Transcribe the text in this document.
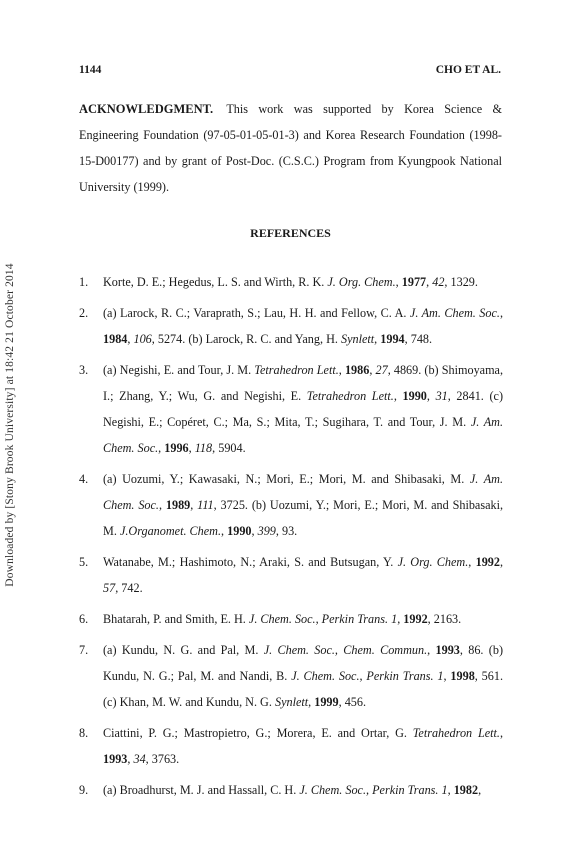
Downloaded by [Stony Brook University] at 18:42 21 October 2014
1144	CHO ET AL.
ACKNOWLEDGMENT. This work was supported by Korea Science & Engineering Foundation (97-05-01-05-01-3) and Korea Research Foundation (1998-15-D00177) and by grant of Post-Doc. (C.S.C.) Program from Kyungpook National University (1999).
REFERENCES
1. Korte, D. E.; Hegedus, L. S. and Wirth, R. K. J. Org. Chem., 1977, 42, 1329.
2. (a) Larock, R. C.; Varaprath, S.; Lau, H. H. and Fellow, C. A. J. Am. Chem. Soc., 1984, 106, 5274. (b) Larock, R. C. and Yang, H. Synlett, 1994, 748.
3. (a) Negishi, E. and Tour, J. M. Tetrahedron Lett., 1986, 27, 4869. (b) Shimoyama, I.; Zhang, Y.; Wu, G. and Negishi, E. Tetrahedron Lett., 1990, 31, 2841. (c) Negishi, E.; Copéret, C.; Ma, S.; Mita, T.; Sugihara, T. and Tour, J. M. J. Am. Chem. Soc., 1996, 118, 5904.
4. (a) Uozumi, Y.; Kawasaki, N.; Mori, E.; Mori, M. and Shibasaki, M. J. Am. Chem. Soc., 1989, 111, 3725. (b) Uozumi, Y.; Mori, E.; Mori, M. and Shibasaki, M. J.Organomet. Chem., 1990, 399, 93.
5. Watanabe, M.; Hashimoto, N.; Araki, S. and Butsugan, Y. J. Org. Chem., 1992, 57, 742.
6. Bhatarah, P. and Smith, E. H. J. Chem. Soc., Perkin Trans. 1, 1992, 2163.
7. (a) Kundu, N. G. and Pal, M. J. Chem. Soc., Chem. Commun., 1993, 86. (b) Kundu, N. G.; Pal, M. and Nandi, B. J. Chem. Soc., Perkin Trans. 1, 1998, 561. (c) Khan, M. W. and Kundu, N. G. Synlett, 1999, 456.
8. Ciattini, P. G.; Mastropietro, G.; Morera, E. and Ortar, G. Tetrahedron Lett., 1993, 34, 3763.
9. (a) Broadhurst, M. J. and Hassall, C. H. J. Chem. Soc., Perkin Trans. 1, 1982,
